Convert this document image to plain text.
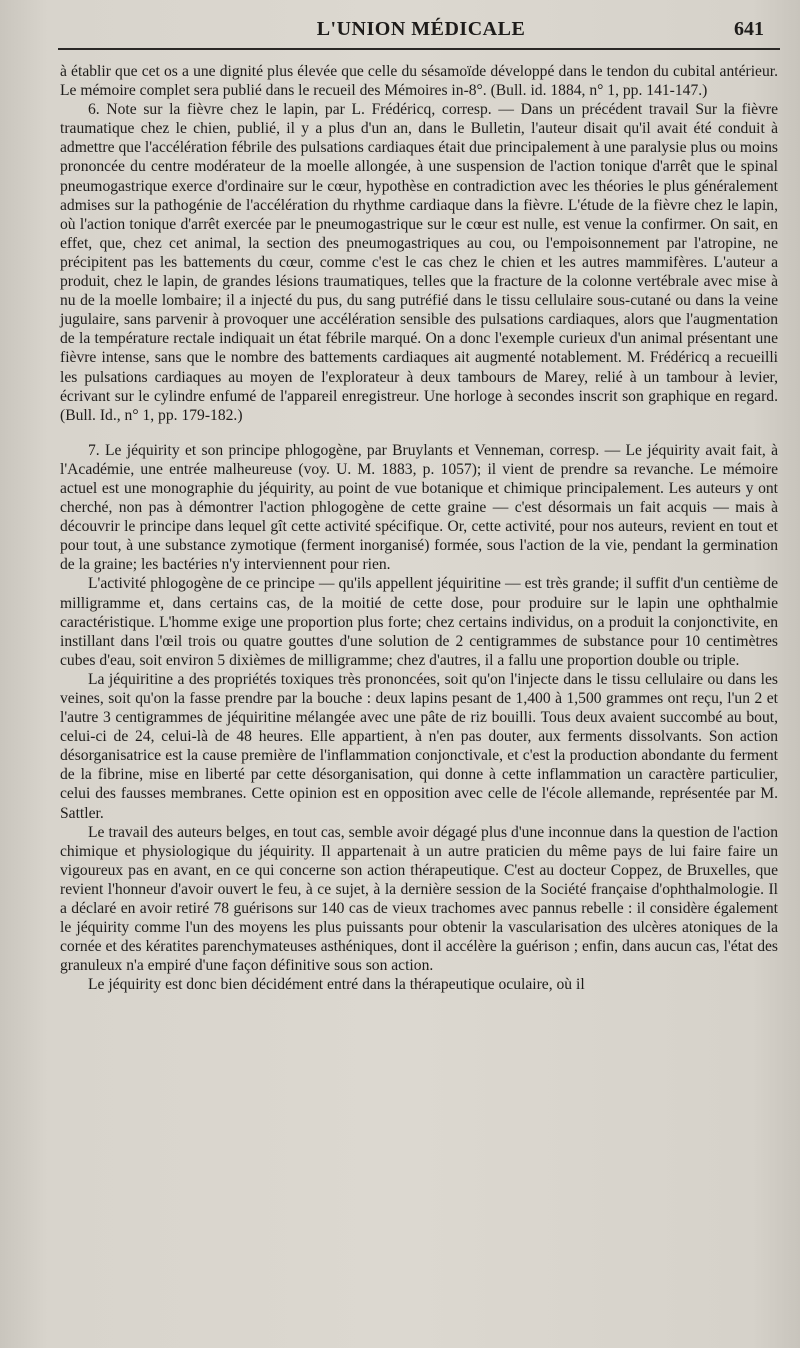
L'UNION MÉDICALE	641

à établir que cet os a une dignité plus élevée que celle du sésamoïde développé dans le tendon du cubital antérieur. Le mémoire complet sera publié dans le recueil des Mémoires in-8°. (Bull. id. 1884, n° 1, pp. 141-147.)

6. Note sur la fièvre chez le lapin, par L. Frédéricq, corresp. — Dans un précédent travail Sur la fièvre traumatique chez le chien, publié, il y a plus d'un an, dans le Bulletin, l'auteur disait qu'il avait été conduit à admettre que l'accélération fébrile des pulsations cardiaques était due principalement à une paralysie plus ou moins prononcée du centre modérateur de la moelle allongée, à une suspension de l'action tonique d'arrêt que le spinal pneumogastrique exerce d'ordinaire sur le cœur, hypothèse en contradiction avec les théories le plus généralement admises sur la pathogénie de l'accélération du rhythme cardiaque dans la fièvre. L'étude de la fièvre chez le lapin, où l'action tonique d'arrêt exercée par le pneumogastrique sur le cœur est nulle, est venue la confirmer. On sait, en effet, que, chez cet animal, la section des pneumogastriques au cou, ou l'empoisonnement par l'atropine, ne précipitent pas les battements du cœur, comme c'est le cas chez le chien et les autres mammifères. L'auteur a produit, chez le lapin, de grandes lésions traumatiques, telles que la fracture de la colonne vertébrale avec mise à nu de la moelle lombaire; il a injecté du pus, du sang putréfié dans le tissu cellulaire sous-cutané ou dans la veine jugulaire, sans parvenir à provoquer une accélération sensible des pulsations cardiaques, alors que l'augmentation de la température rectale indiquait un état fébrile marqué. On a donc l'exemple curieux d'un animal présentant une fièvre intense, sans que le nombre des battements cardiaques ait augmenté notablement. M. Frédéricq a recueilli les pulsations cardiaques au moyen de l'explorateur à deux tambours de Marey, relié à un tambour à levier, écrivant sur le cylindre enfumé de l'appareil enregistreur. Une horloge à secondes inscrit son graphique en regard. (Bull. Id., n° 1, pp. 179-182.)

7. Le jéquirity et son principe phlogogène, par Bruylants et Venneman, corresp. — Le jéquirity avait fait, à l'Académie, une entrée malheureuse (voy. U. M. 1883, p. 1057); il vient de prendre sa revanche. Le mémoire actuel est une monographie du jéquirity, au point de vue botanique et chimique principalement. Les auteurs y ont cherché, non pas à démontrer l'action phlogogène de cette graine — c'est désormais un fait acquis — mais à découvrir le principe dans lequel gît cette activité spécifique. Or, cette activité, pour nos auteurs, revient en tout et pour tout, à une substance zymotique (ferment inorganisé) formée, sous l'action de la vie, pendant la germination de la graine; les bactéries n'y interviennent pour rien.

L'activité phlogogène de ce principe — qu'ils appellent jéquiritine — est très grande; il suffit d'un centième de milligramme et, dans certains cas, de la moitié de cette dose, pour produire sur le lapin une ophthalmie caractéristique. L'homme exige une proportion plus forte; chez certains individus, on a produit la conjonctivite, en instillant dans l'œil trois ou quatre gouttes d'une solution de 2 centigrammes de substance pour 10 centimètres cubes d'eau, soit environ 5 dixièmes de milligramme; chez d'autres, il a fallu une proportion double ou triple.

La jéquiritine a des propriétés toxiques très prononcées, soit qu'on l'injecte dans le tissu cellulaire ou dans les veines, soit qu'on la fasse prendre par la bouche : deux lapins pesant de 1,400 à 1,500 grammes ont reçu, l'un 2 et l'autre 3 centigrammes de jéquiritine mélangée avec une pâte de riz bouilli. Tous deux avaient succombé au bout, celui-ci de 24, celui-là de 48 heures. Elle appartient, à n'en pas douter, aux ferments dissolvants. Son action désorganisatrice est la cause première de l'inflammation conjonctivale, et c'est la production abondante du ferment de la fibrine, mise en liberté par cette désorganisation, qui donne à cette inflammation un caractère particulier, celui des fausses membranes. Cette opinion est en opposition avec celle de l'école allemande, représentée par M. Sattler.

Le travail des auteurs belges, en tout cas, semble avoir dégagé plus d'une inconnue dans la question de l'action chimique et physiologique du jéquirity. Il appartenait à un autre praticien du même pays de lui faire faire un vigoureux pas en avant, en ce qui concerne son action thérapeutique. C'est au docteur Coppez, de Bruxelles, que revient l'honneur d'avoir ouvert le feu, à ce sujet, à la dernière session de la Société française d'ophthalmologie. Il a déclaré en avoir retiré 78 guérisons sur 140 cas de vieux trachomes avec pannus rebelle : il considère également le jéquirity comme l'un des moyens les plus puissants pour obtenir la vascularisation des ulcères atoniques de la cornée et des kératites parenchymateuses asthéniques, dont il accélère la guérison ; enfin, dans aucun cas, l'état des granuleux n'a empiré d'une façon définitive sous son action.

Le jéquirity est donc bien décidément entré dans la thérapeutique oculaire, où il
